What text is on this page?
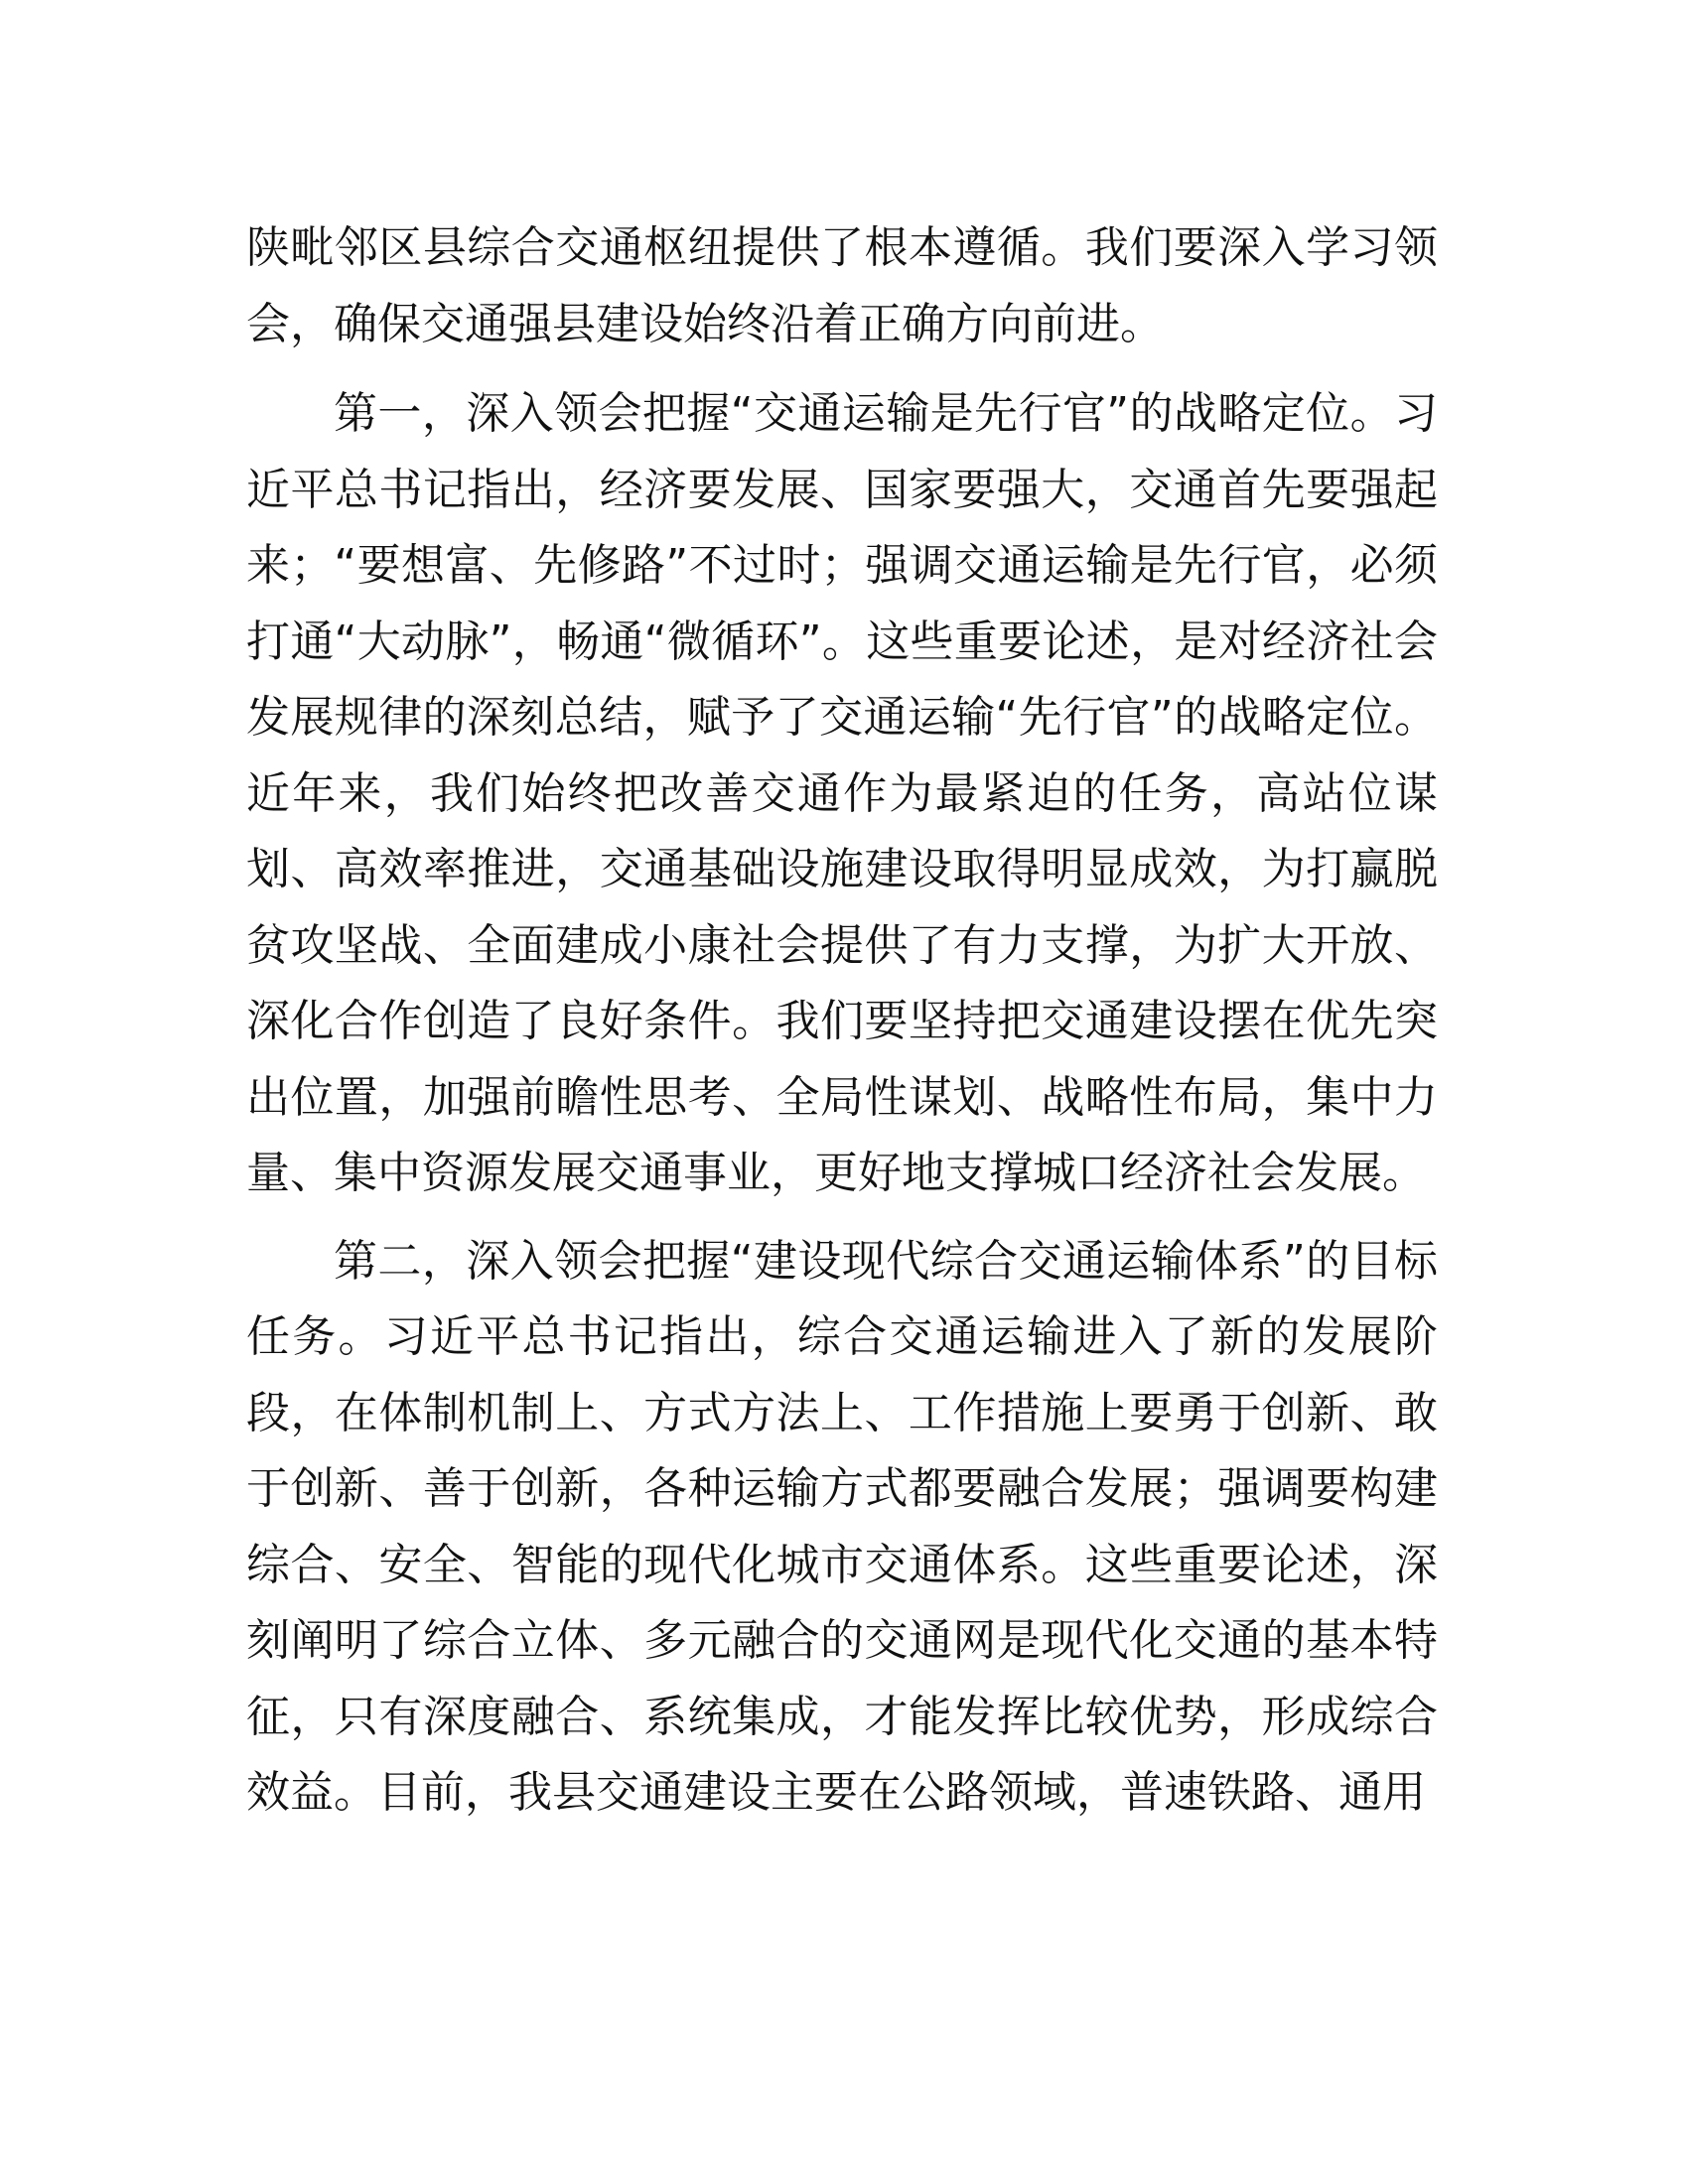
陕毗邻区县综合交通枢纽提供了根本遵循。我们要深入学习领会，确保交通强县建设始终沿着正确方向前进。

第一，深入领会把握“交通运输是先行官”的战略定位。习近平总书记指出，经济要发展、国家要强大，交通首先要强起来；“要想富、先修路”不过时；强调交通运输是先行官，必须打通“大动脉”，畅通“微循环”。这些重要论述，是对经济社会发展规律的深刻总结，赋予了交通运输“先行官”的战略定位。近年来，我们始终把改善交通作为最紧迫的任务，高站位谋划、高效率推进，交通基础设施建设取得明显成效，为打赢脱贫攻坚战、全面建成小康社会提供了有力支撑，为扩大开放、深化合作创造了良好条件。我们要坚持把交通建设摆在优先突出位置，加强前瞻性思考、全局性谋划、战略性布局，集中力量、集中资源发展交通事业，更好地支撑城口经济社会发展。

第二，深入领会把握“建设现代综合交通运输体系”的目标任务。习近平总书记指出，综合交通运输进入了新的发展阶段，在体制机制上、方式方法上、工作措施上要勇于创新、敢于创新、善于创新，各种运输方式都要融合发展；强调要构建综合、安全、智能的现代化城市交通体系。这些重要论述，深刻阐明了综合立体、多元融合的交通网是现代化交通的基本特征，只有深度融合、系统集成，才能发挥比较优势，形成综合效益。目前，我县交通建设主要在公路领域，普速铁路、通用
